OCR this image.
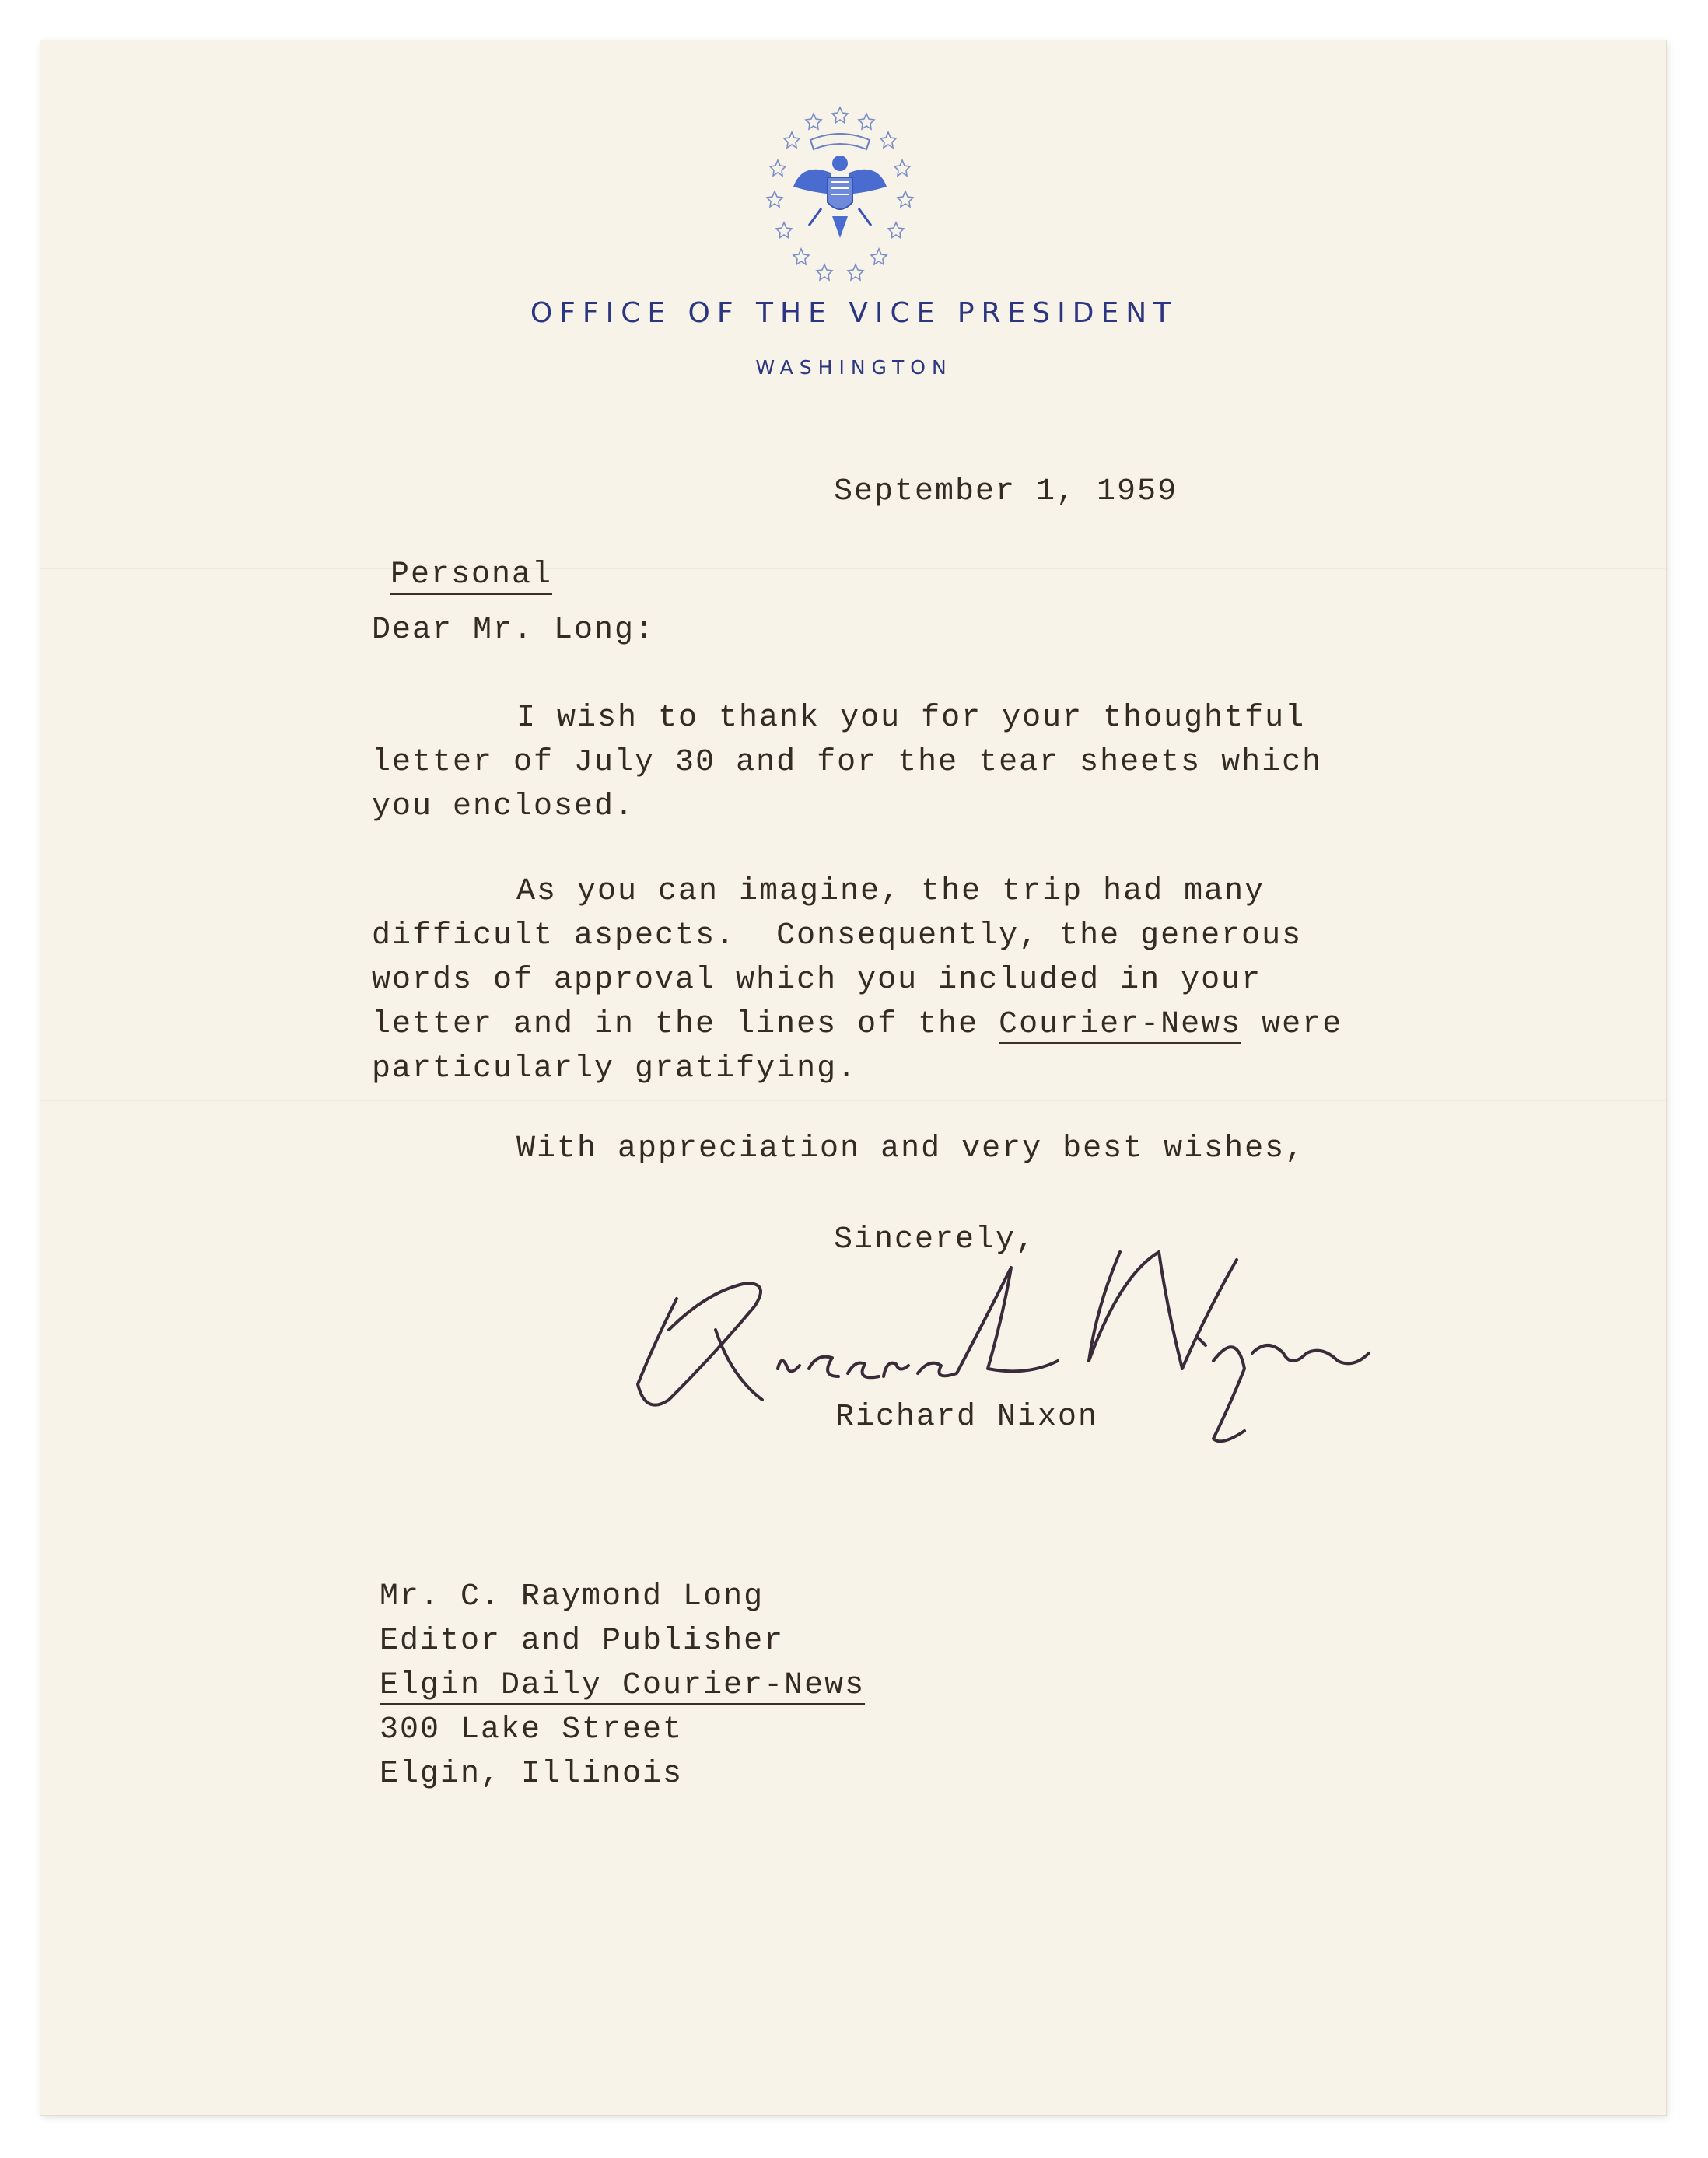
OFFICE OF THE VICE PRESIDENT
WASHINGTON
September 1, 1959

Personal

Dear Mr. Long:
I wish to thank you for your thoughtful
letter of July 30 and for the tear sheets which
you enclosed.
As you can imagine, the trip had many
difficult aspects.  Consequently, the generous
words of approval which you included in your
letter and in the lines of the Courier-News were
particularly gratifying.
With appreciation and very best wishes,
Sincerely,
Richard Nixon
Mr. C. Raymond Long
Editor and Publisher
Elgin Daily Courier-News
300 Lake Street
Elgin, Illinois
